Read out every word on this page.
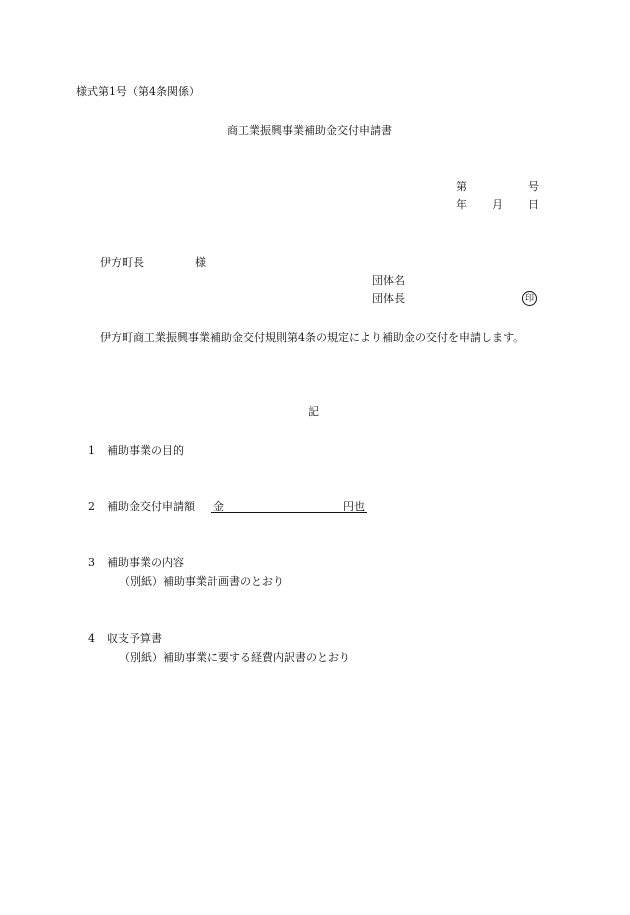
様式第1号（第4条関係）
商工業振興事業補助金交付申請書
第	号
年 月 日
伊方町長	様
団体名
団体長	印
伊方町商工業振興事業補助金交付規則第4条の規定により補助金の交付を申請します。
記
1 補助事業の目的
2 補助金交付申請額 金	円也
3 補助事業の内容
（別紙）補助事業計画書のとおり
4 収支予算書
（別紙）補助事業に要する経費内訳書のとおり
